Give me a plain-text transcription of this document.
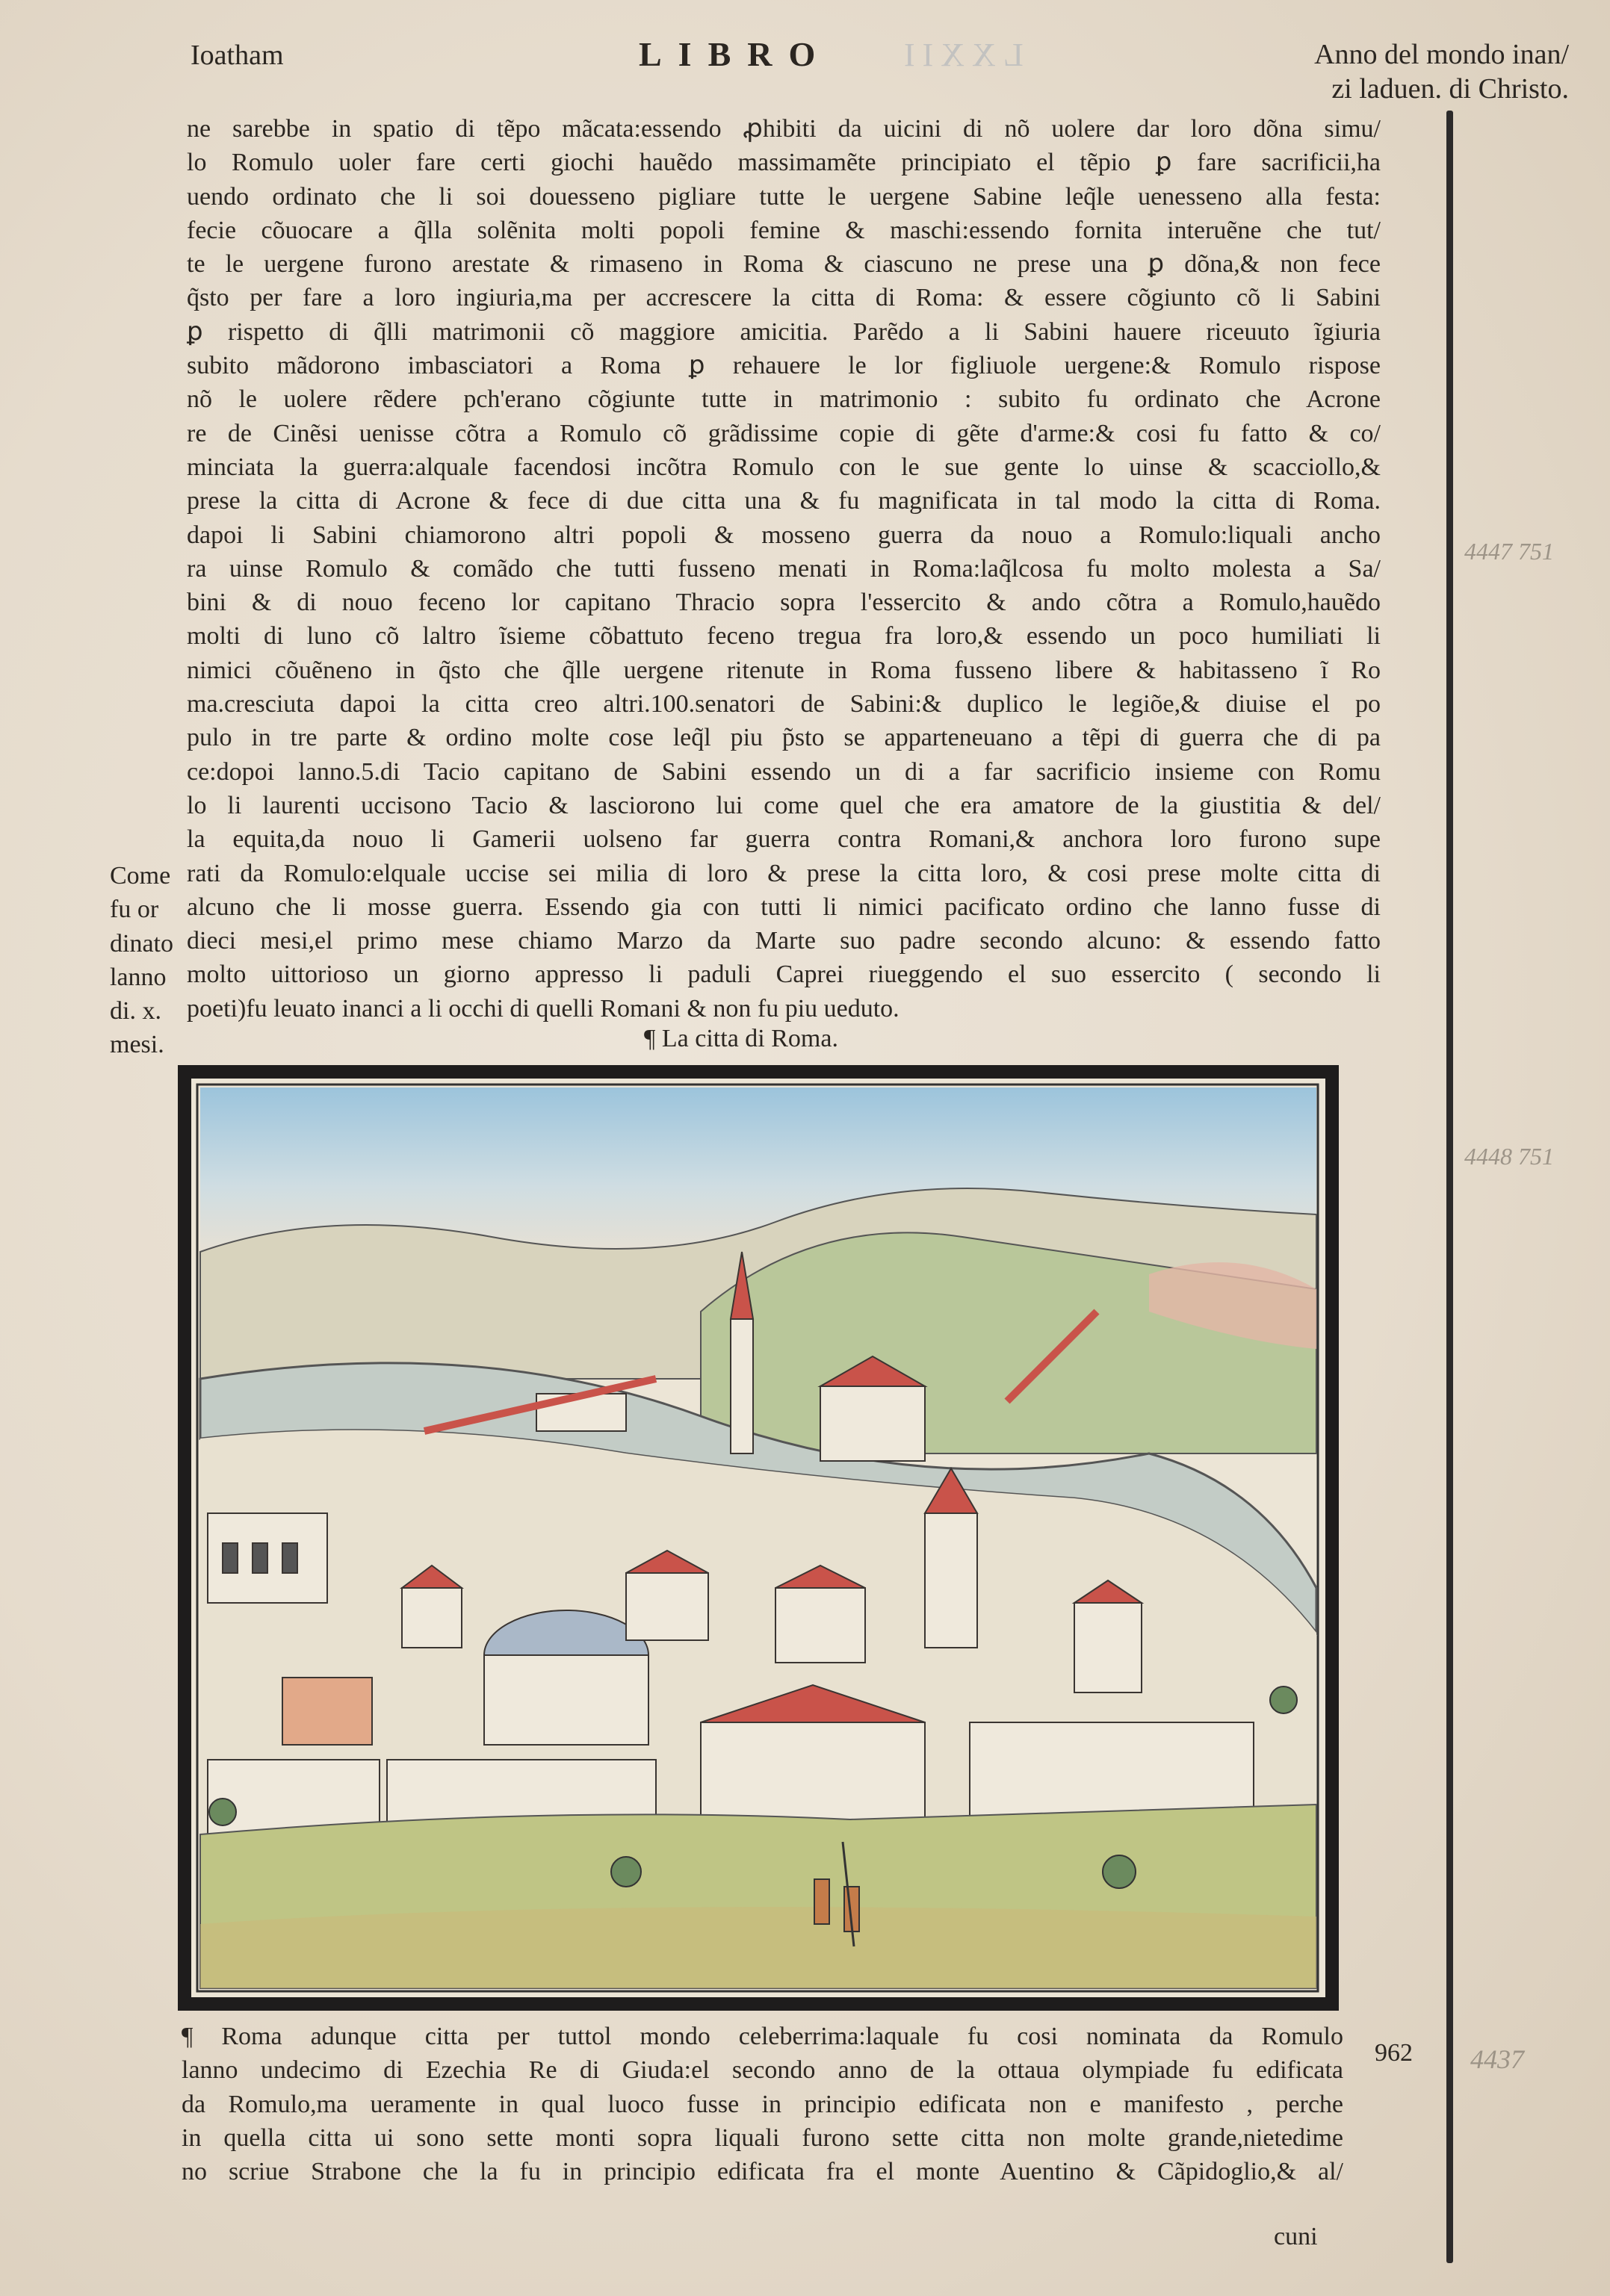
Ioatham	LXXII
LIBRO	Anno del mondo inan/
zi laduen. di Christo.
ne sarebbe in spatio di tẽpo mãcata:essendo ꝓhibiti da uicini di nõ uolere dar loro dõna simu/
lo Romulo uoler fare certi giochi hauẽdo massimamẽte principiato el tẽpio ꝑ fare sacrificii,ha
uendo ordinato che li soi douesseno pigliare tutte le uergene Sabine leq̃le uenesseno alla festa:
fecie cõuocare a q̃lla solẽnita molti popoli femine & maschi:essendo fornita interuẽne che tut/
te le uergene furono arestate & rimaseno in Roma & ciascuno ne prese una ꝑ dõna,& non fece
q̃sto per fare a loro ingiuria,ma per accrescere la citta di Roma: & essere cõgiunto cõ li Sabini
ꝑ rispetto di q̃lli matrimonii cõ maggiore amicitia. Parẽdo a li Sabini hauere riceuuto ĩgiuria
subito mãdorono imbasciatori a Roma ꝑ rehauere le lor figliuole uergene:& Romulo rispose
nõ le uolere rẽdere pch'erano cõgiunte tutte in matrimonio : subito fu ordinato che Acrone
re de Cinẽsi uenisse cõtra a Romulo cõ grãdissime copie di gẽte d'arme:& cosi fu fatto & co/
minciata la guerra:alquale facendosi incõtra Romulo con le sue gente lo uinse & scacciollo,&
prese la citta di Acrone & fece di due citta una & fu magnificata in tal modo la citta di Roma.
dapoi li Sabini chiamorono altri popoli & mosseno guerra da nouo a Romulo:liquali ancho
ra uinse Romulo & comãdo che tutti fusseno menati in Roma:laq̃lcosa fu molto molesta a Sa/
bini & di nouo feceno lor capitano Thracio sopra l'essercito & ando cõtra a Romulo,hauẽdo
molti di luno cõ laltro ĩsieme cõbattuto feceno tregua fra loro,& essendo un poco humiliati li
nimici cõuẽneno in q̃sto che q̃lle uergene ritenute in Roma fusseno libere & habitasseno ĩ Ro
ma.cresciuta dapoi la citta creo altri.100.senatori de Sabini:& duplico le legiõe,& diuise el po
pulo in tre parte & ordino molte cose leq̃l piu p̃sto se apparteneuano a tẽpi di guerra che di pa
ce:dopoi lanno.5.di Tacio capitano de Sabini essendo un di a far sacrificio insieme con Romu
lo li laurenti uccisono Tacio & lasciorono lui come quel che era amatore de la giustitia & del/
la equita,da nouo li Gamerii uolseno far guerra contra Romani,& anchora loro furono supe
rati da Romulo:elquale uccise sei milia di loro & prese la citta loro, & cosi prese molte citta di
alcuno che li mosse guerra. Essendo gia con tutti li nimici pacificato ordino che lanno fusse di
dieci mesi,el primo mese chiamo Marzo da Marte suo padre secondo alcuno: & essendo fatto
molto uittorioso un giorno appresso li paduli Caprei riueggendo el suo essercito ( secondo li
poeti)fu leuato inanci a li occhi di quelli Romani & non fu piu ueduto.
Come
fu or
dinato
lanno
di. x.
mesi.
4447 751
4448 751
¶ La citta di Roma.
¶ Roma adunque citta per tuttol mondo celeberrima:laquale fu cosi nominata da Romulo
lanno undecimo di Ezechia Re di Giuda:el secondo anno de la ottaua olympiade fu edificata
da Romulo,ma ueramente in qual luoco fusse in principio edificata non e manifesto , perche
in quella citta ui sono sette monti sopra liquali furono sette citta non molte grande,nietedime
no scriue Strabone che la fu in principio edificata fra el monte Auentino & Cãpidoglio,& al/
cuni
962 4437
